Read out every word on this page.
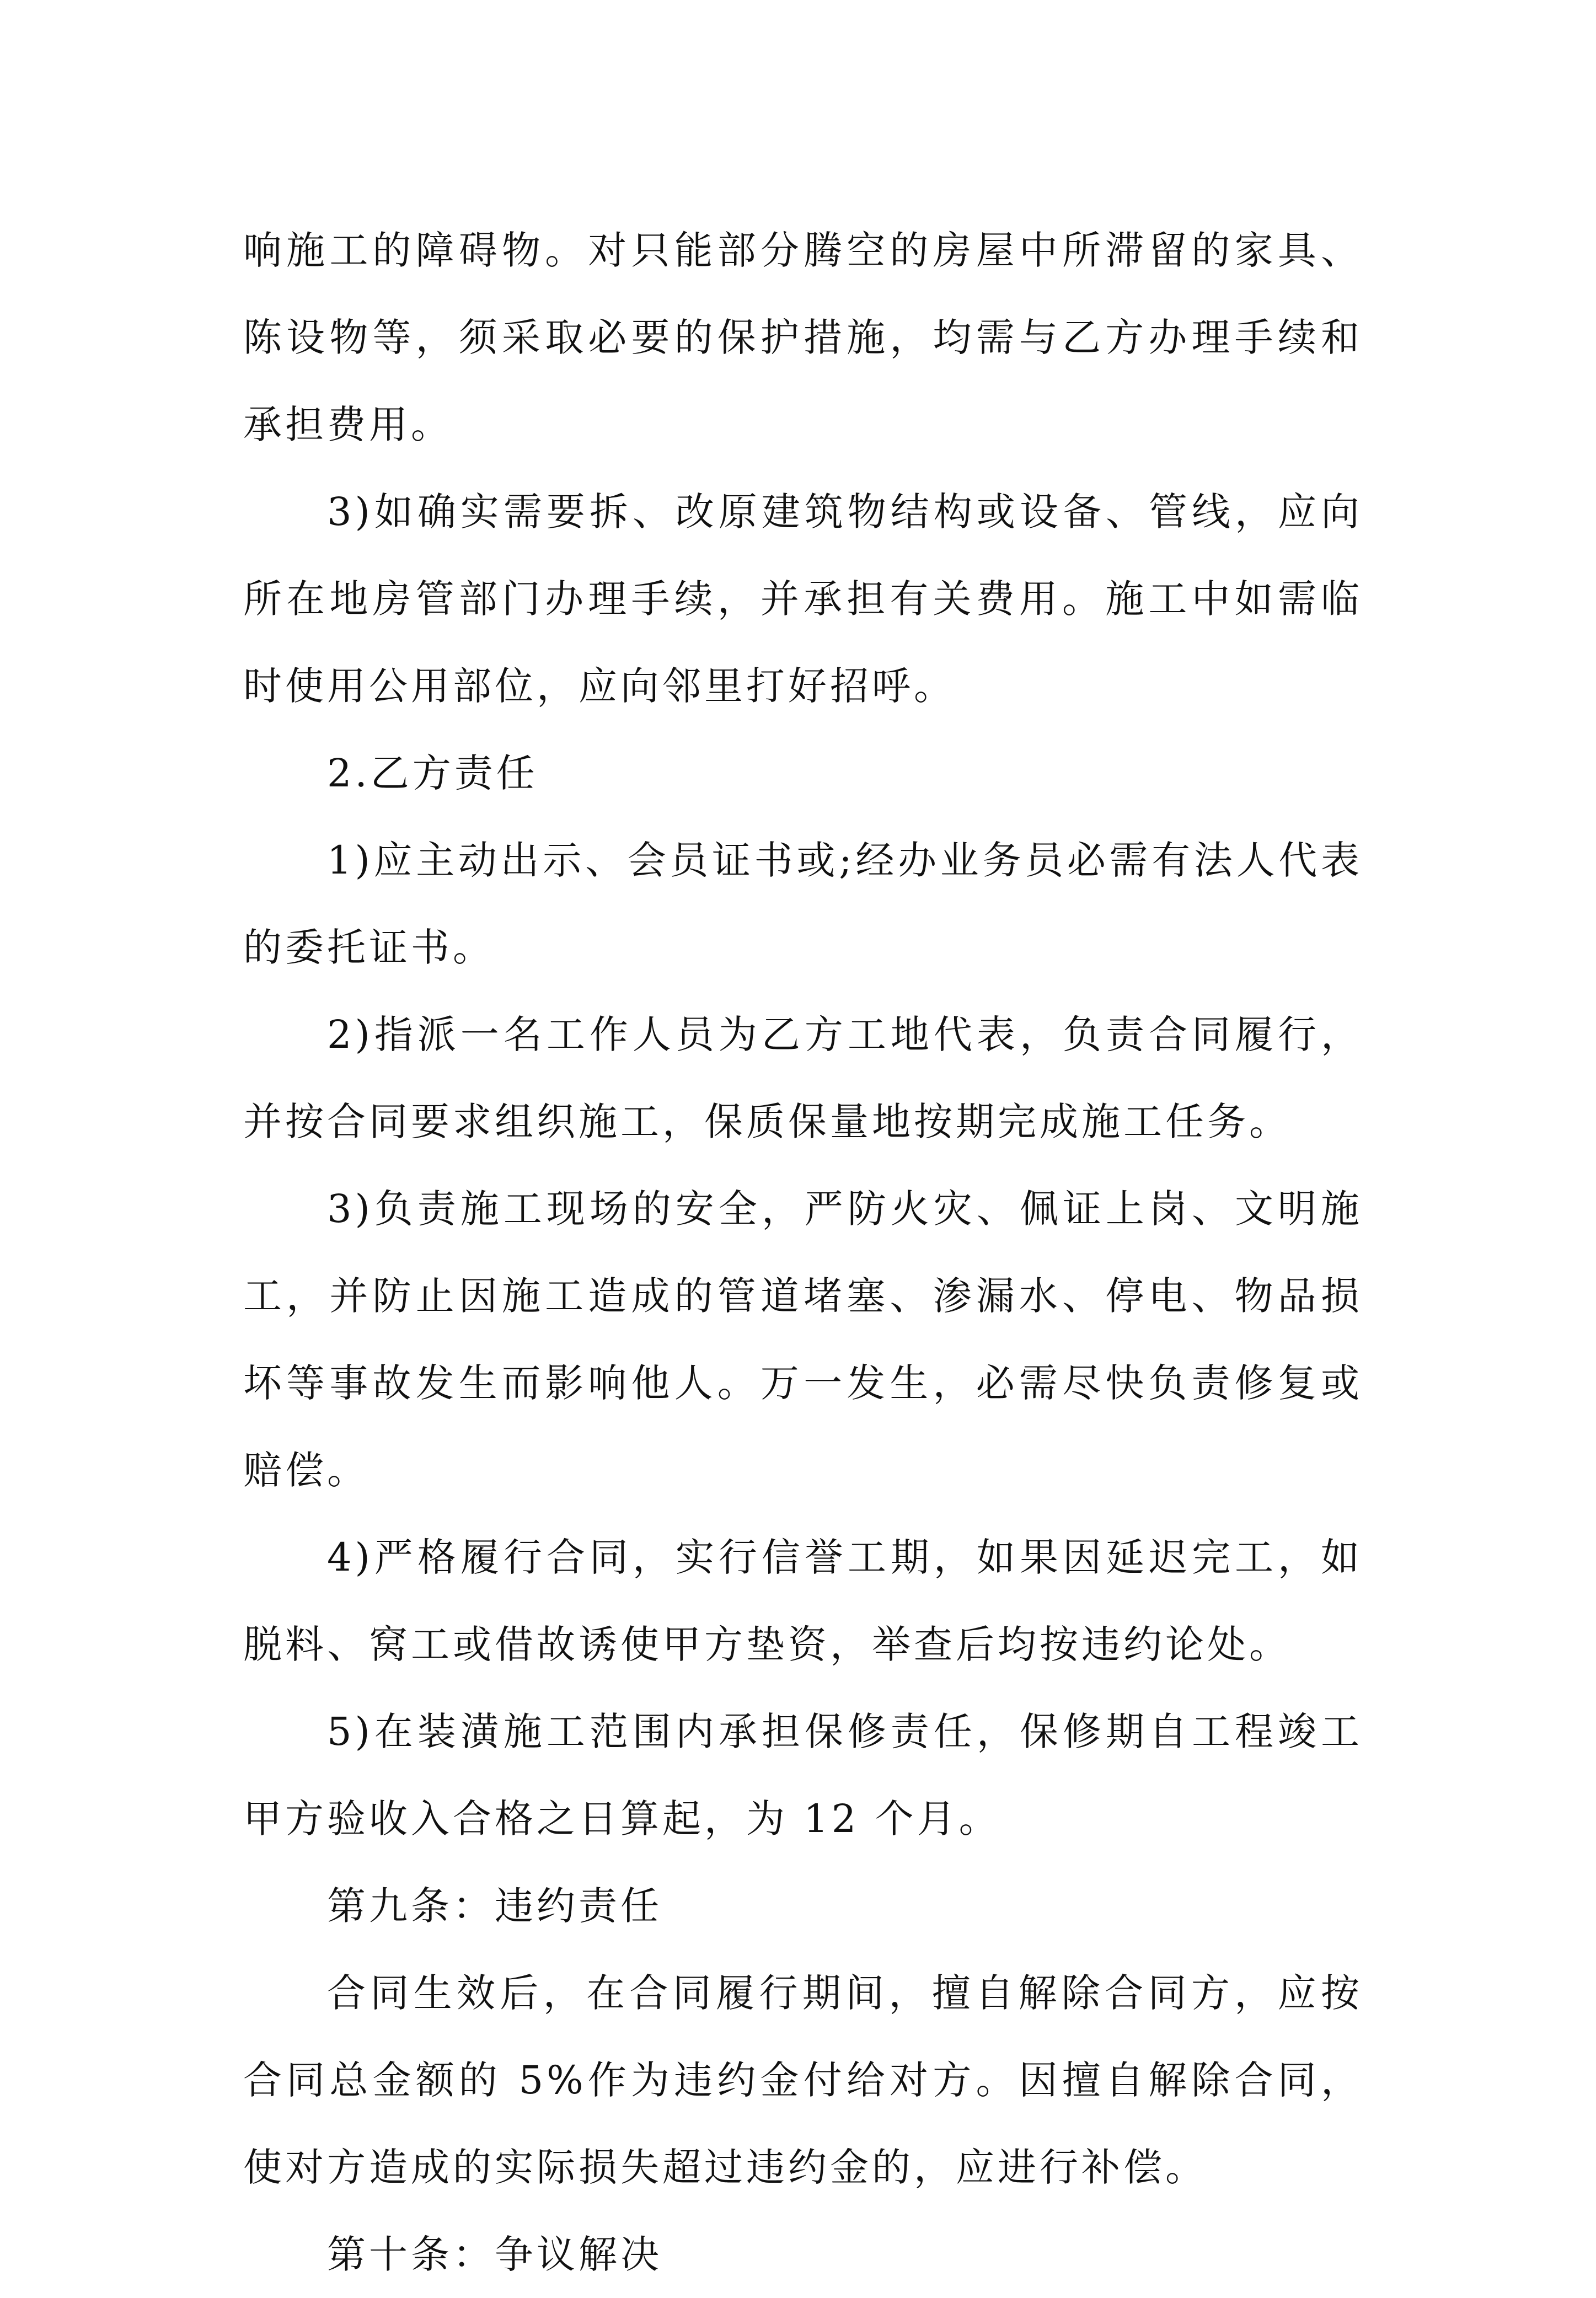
响施工的障碍物。对只能部分腾空的房屋中所滞留的家具、陈设物等，须采取必要的保护措施，均需与乙方办理手续和承担费用。

3)如确实需要拆、改原建筑物结构或设备、管线，应向所在地房管部门办理手续，并承担有关费用。施工中如需临时使用公用部位，应向邻里打好招呼。

2.乙方责任

1)应主动出示、会员证书或;经办业务员必需有法人代表的委托证书。

2)指派一名工作人员为乙方工地代表，负责合同履行，并按合同要求组织施工，保质保量地按期完成施工任务。

3)负责施工现场的安全，严防火灾、佩证上岗、文明施工，并防止因施工造成的管道堵塞、渗漏水、停电、物品损坏等事故发生而影响他人。万一发生，必需尽快负责修复或赔偿。

4)严格履行合同，实行信誉工期，如果因延迟完工，如脱料、窝工或借故诱使甲方垫资，举查后均按违约论处。

5)在装潢施工范围内承担保修责任，保修期自工程竣工甲方验收入合格之日算起，为 12 个月。

第九条：违约责任

合同生效后，在合同履行期间，擅自解除合同方，应按合同总金额的 5%作为违约金付给对方。因擅自解除合同，使对方造成的实际损失超过违约金的，应进行补偿。

第十条：争议解决
